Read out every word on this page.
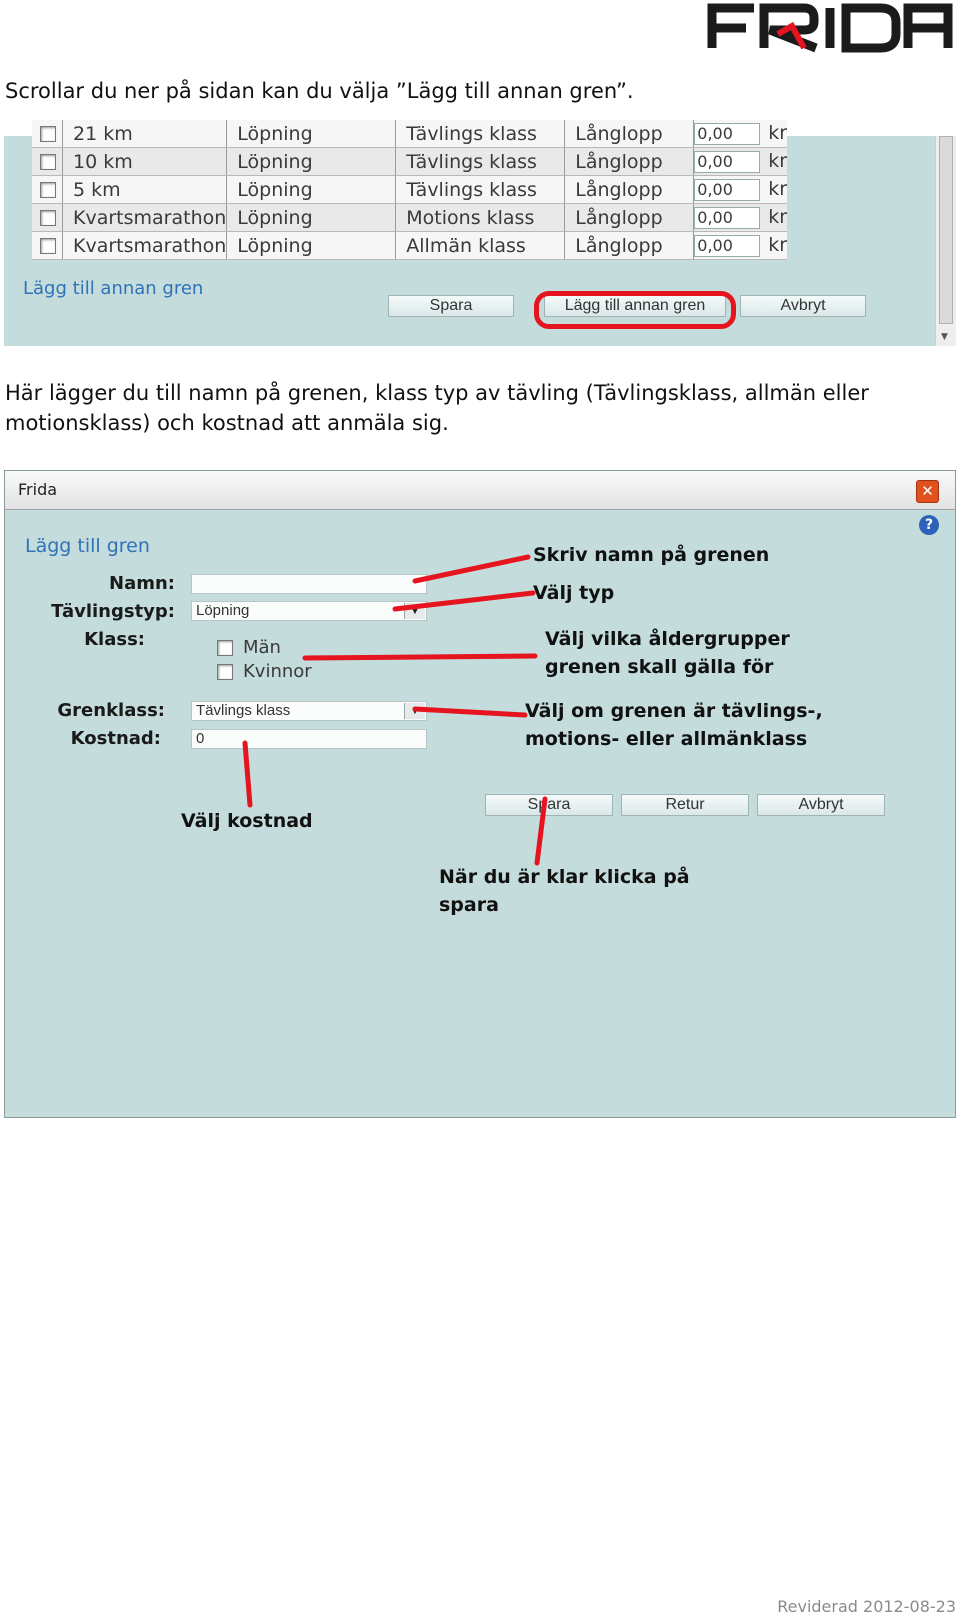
Scrollar du ner på sidan kan du välja ”Lägg till annan gren”.
	21 km	Löpning	Tävlings klass	Långlopp	0,00 kr
	10 km	Löpning	Tävlings klass	Långlopp	0,00 kr
	5 km	Löpning	Tävlings klass	Långlopp	0,00 kr
	Kvartsmarathon	Löpning	Motions klass	Långlopp	0,00 kr
	Kvartsmarathon	Löpning	Allmän klass	Långlopp	0,00 kr
Lägg till annan gren
Spara	Lägg till annan gren	Avbryt
▼
Här lägger du till namn på grenen, klass typ av tävling (Tävlingsklass, allmän eller motionsklass) och kostnad att anmäla sig.
Frida	✕
?
Lägg till gren
Namn:
Tävlingstyp:	Löpning	▼
Klass:	Män
Kvinnor
Grenklass:	Tävlings klass	▼
Kostnad:	0
Spara	Retur	Avbryt
Skriv namn på grenen
Välj typ
Välj vilka åldergrupper
grenen skall gälla för
Välj om grenen är tävlings-,
motions- eller allmänklass
Välj kostnad
När du är klar klicka på
spara
Reviderad 2012-08-23
